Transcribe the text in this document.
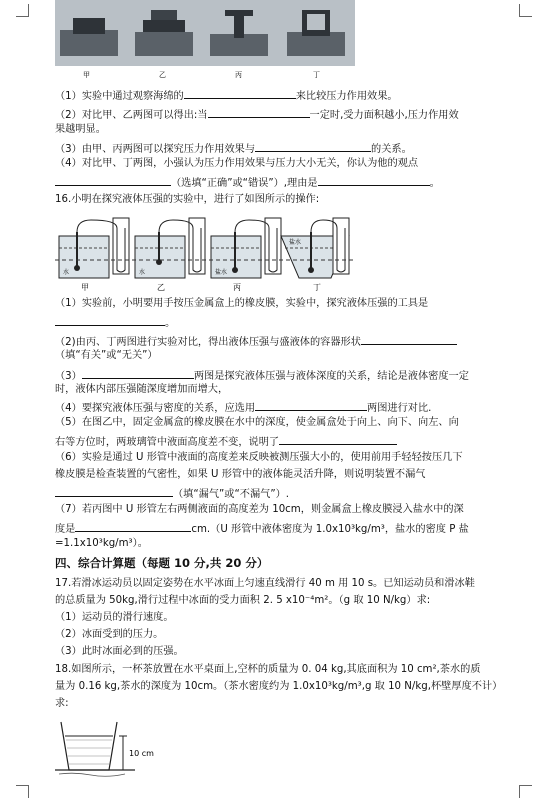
甲	乙	丙	丁
（1）实验中通过观察海绵的	来比较压力作用效果。
（2）对比甲、乙两图可以得出:当	一定时,受力面积越小,压力作用效
果越明显。
（3）由甲、丙两图可以探究压力作用效果与	的关系。
（4）对比甲、丁两图，小强认为压力作用效果与压力大小无关，你认为他的观点
（选填“正确”或“错误”）,理由是	。
16.小明在探究液体压强的实验中，进行了如图所示的操作:
水	水	盐水
盐水
甲	乙	丙	丁
（1）实验前，小明要用手按压金属盒上的橡皮膜，实验中，探究液体压强的工具是
。
（2)由丙、丁两图进行实验对比，得出液体压强与盛液体的容器形状
（填“有关”或“无关”）
（3）	两图是探究液体压强与液体深度的关系，结论是液体密度一定
时，液体内部压强随深度增加而增大，
（4）要探究液体压强与密度的关系，应选用	两图进行对比.
（5）在图乙中，固定金属盒的橡皮膜在水中的深度，使金属盒处于向上、向下、向左、向
右等方位时，两玻璃管中液面高度差不变，说明了
（6）实验是通过 U 形管中液面的高度差来反映被测压强大小的，使用前用手轻轻按压几下
橡皮膜是检查装置的气密性，如果 U 形管中的液体能灵活升降，则说明装置不漏气
（填“漏气”或“不漏气”）.
（7）若丙图中 U 形管左右两侧液面的高度差为 10cm，则金属盒上橡皮膜浸入盐水中的深
度是	cm.（U 形管中液体密度为 1.0x10³kg/m³，盐水的密度 P 盐
=1.1x10³kg/m³）。
四、综合计算题（每题 10 分,共 20 分）
17.若滑冰运动员以固定姿势在水平冰面上匀速直线滑行 40 m 用 10 s。已知运动员和滑冰鞋
的总质量为 50kg,滑行过程中冰面的受力面积 2. 5 x10⁻⁴m²。（g 取 10 N/kg）求:
（1）运动员的滑行速度。
（2）冰面受到的压力。
（3）此时冰面必到的压强。
18.如图所示，一杯茶放置在水平桌面上,空杯的质量为 0. 04 kg,其底面积为 10 cm²,茶水的质
量为 0.16 kg,茶水的深度为 10cm。（茶水密度约为 1.0x10³kg/m³,g 取 10 N/kg,杯壁厚度不计）
求:
10 cm
